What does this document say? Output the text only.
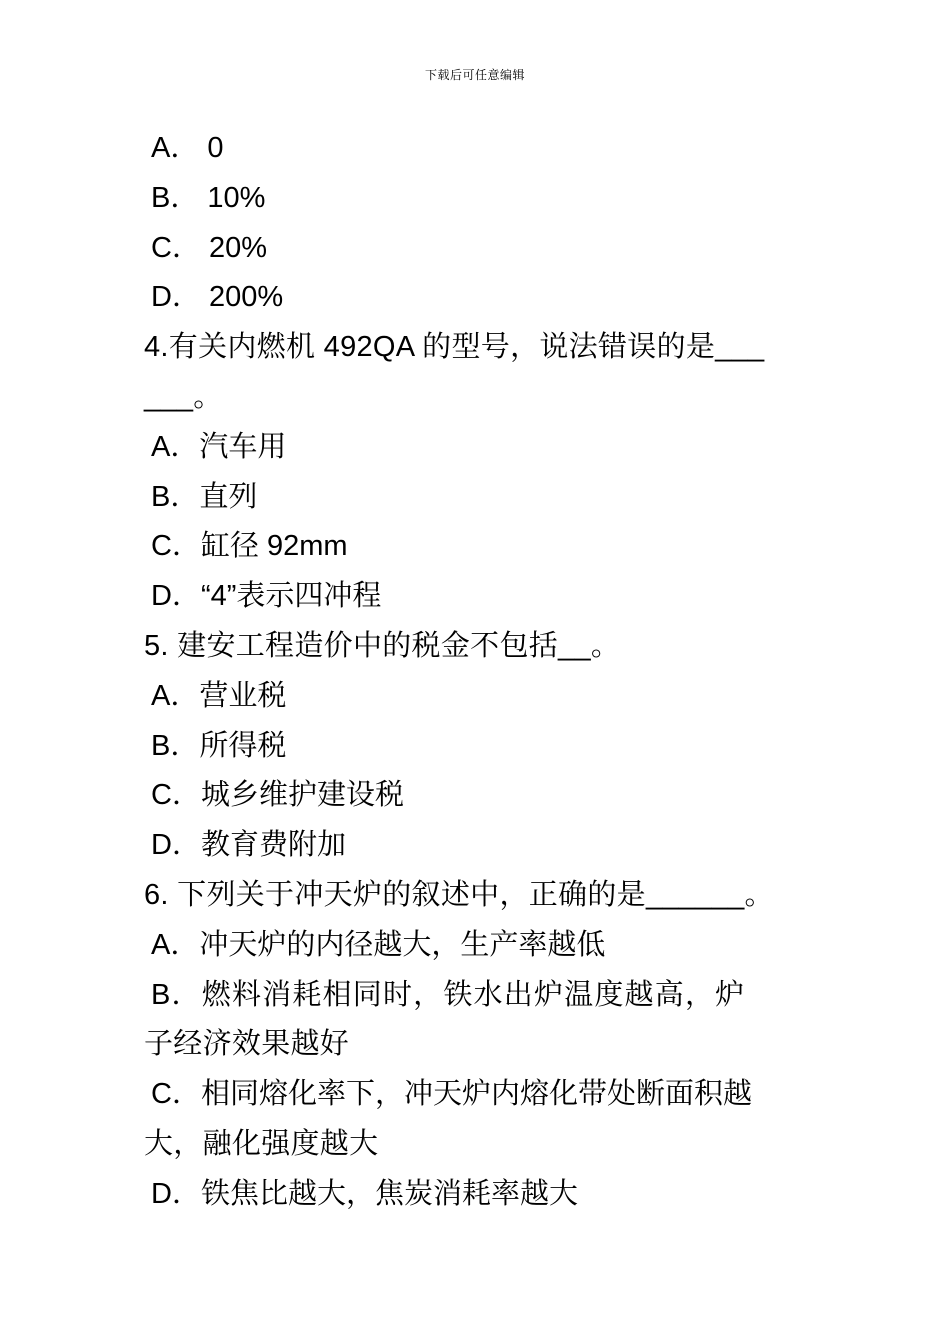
下载后可任意编辑
A． 0
B． 10%
C． 20%
D． 200%
4.有关内燃机 492QA 的型号，说法错误的是___
___。
A．汽车用
B．直列
C．缸径 92mm
D．“4”表示四冲程
5. 建安工程造价中的税金不包括__。
A．营业税
B．所得税
C．城乡维护建设税
D．教育费附加
6. 下列关于冲天炉的叙述中，正确的是______。
A．冲天炉的内径越大，生产率越低
B．燃料消耗相同时，铁水出炉温度越高，炉
子经济效果越好
C．相同熔化率下，冲天炉内熔化带处断面积越
大，融化强度越大
D．铁焦比越大，焦炭消耗率越大
